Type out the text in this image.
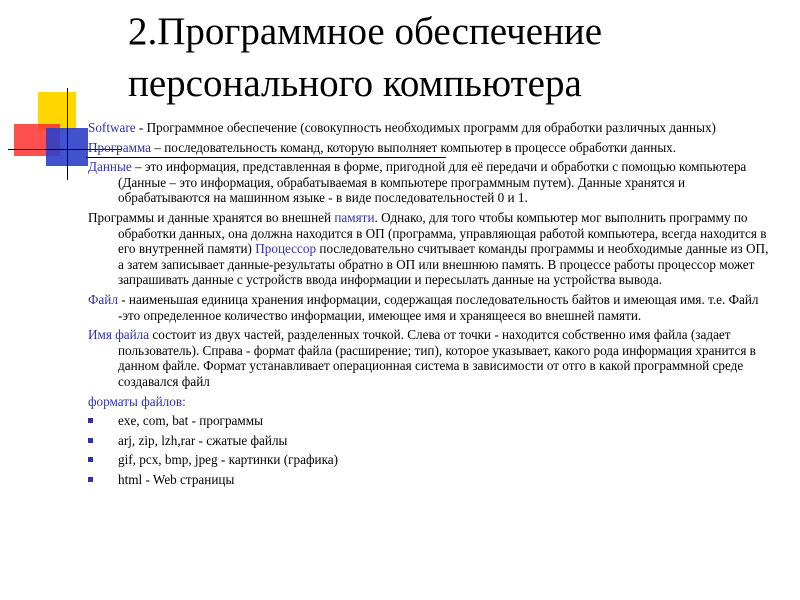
2.Программное обеспечение
персонального компьютера

Software - Программное обеспечение (совокупность необходимых программ для обработки различных данных)

Программа – последовательность команд, которую выполняет компьютер в процессе обработки данных.

Данные – это информация, представленная в форме, пригодной для её передачи и обработки с помощью компьютера (Данные – это информация, обрабатываемая в компьютере программным путем). Данные хранятся и обрабатываются на машинном языке - в виде последовательностей 0 и 1.

Программы и данные хранятся во внешней памяти. Однако, для того чтобы компьютер мог выполнить программу по обработки данных, она должна находится в ОП (программа, управляющая работой компьютера, всегда находится в его внутренней памяти) Процессор последовательно считывает команды программы и необходимые данные из ОП, а затем записывает данные-результаты обратно в ОП или внешнюю память. В процессе работы процессор может запрашивать данные с устройств ввода информации и пересылать данные на устройства вывода.

Файл - наименьшая единица хранения информации, содержащая последовательность байтов и имеющая имя. т.е. Файл -это определенное количество информации, имеющее имя и хранящееся во внешней памяти.

Имя файла состоит из двух частей, разделенных точкой. Слева от точки - находится собственно имя файла (задает пользователь). Справа - формат файла (расширение; тип), которое указывает, какого рода информация хранится в данном файле. Формат устанавливает операционная система в зависимости от отго в какой программной среде создавался файл

форматы файлов:

exe, com, bat - программы
arj, zip, lzh,rar - сжатые файлы
gif, pcx, bmp, jpeg - картинки (графика)
html - Web страницы
